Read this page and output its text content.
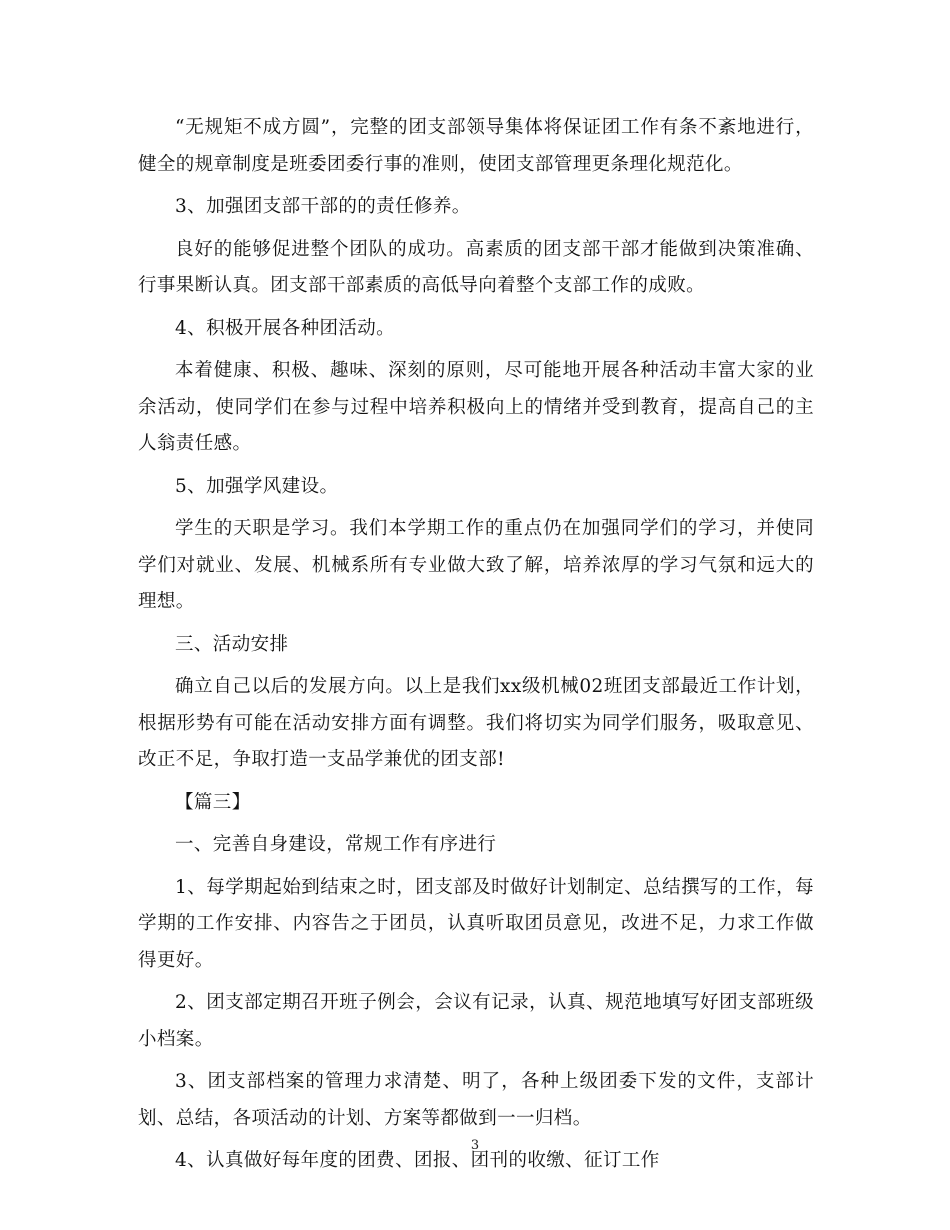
“无规矩不成方圆”，完整的团支部领导集体将保证团工作有条不紊地进行，健全的规章制度是班委团委行事的准则，使团支部管理更条理化规范化。

3、加强团支部干部的的责任修养。

良好的能够促进整个团队的成功。高素质的团支部干部才能做到决策准确、行事果断认真。团支部干部素质的高低导向着整个支部工作的成败。

4、积极开展各种团活动。

本着健康、积极、趣味、深刻的原则，尽可能地开展各种活动丰富大家的业余活动，使同学们在参与过程中培养积极向上的情绪并受到教育，提高自己的主人翁责任感。

5、加强学风建设。

学生的天职是学习。我们本学期工作的重点仍在加强同学们的学习，并使同学们对就业、发展、机械系所有专业做大致了解，培养浓厚的学习气氛和远大的理想。

三、活动安排

确立自己以后的发展方向。以上是我们xx级机械02班团支部最近工作计划，根据形势有可能在活动安排方面有调整。我们将切实为同学们服务，吸取意见、改正不足，争取打造一支品学兼优的团支部!

【篇三】

一、完善自身建设，常规工作有序进行

1、每学期起始到结束之时，团支部及时做好计划制定、总结撰写的工作，每学期的工作安排、内容告之于团员，认真听取团员意见，改进不足，力求工作做得更好。

2、团支部定期召开班子例会，会议有记录，认真、规范地填写好团支部班级小档案。

3、团支部档案的管理力求清楚、明了，各种上级团委下发的文件，支部计划、总结，各项活动的计划、方案等都做到一一归档。

4、认真做好每年度的团费、团报、团刊的收缴、征订工作

3
